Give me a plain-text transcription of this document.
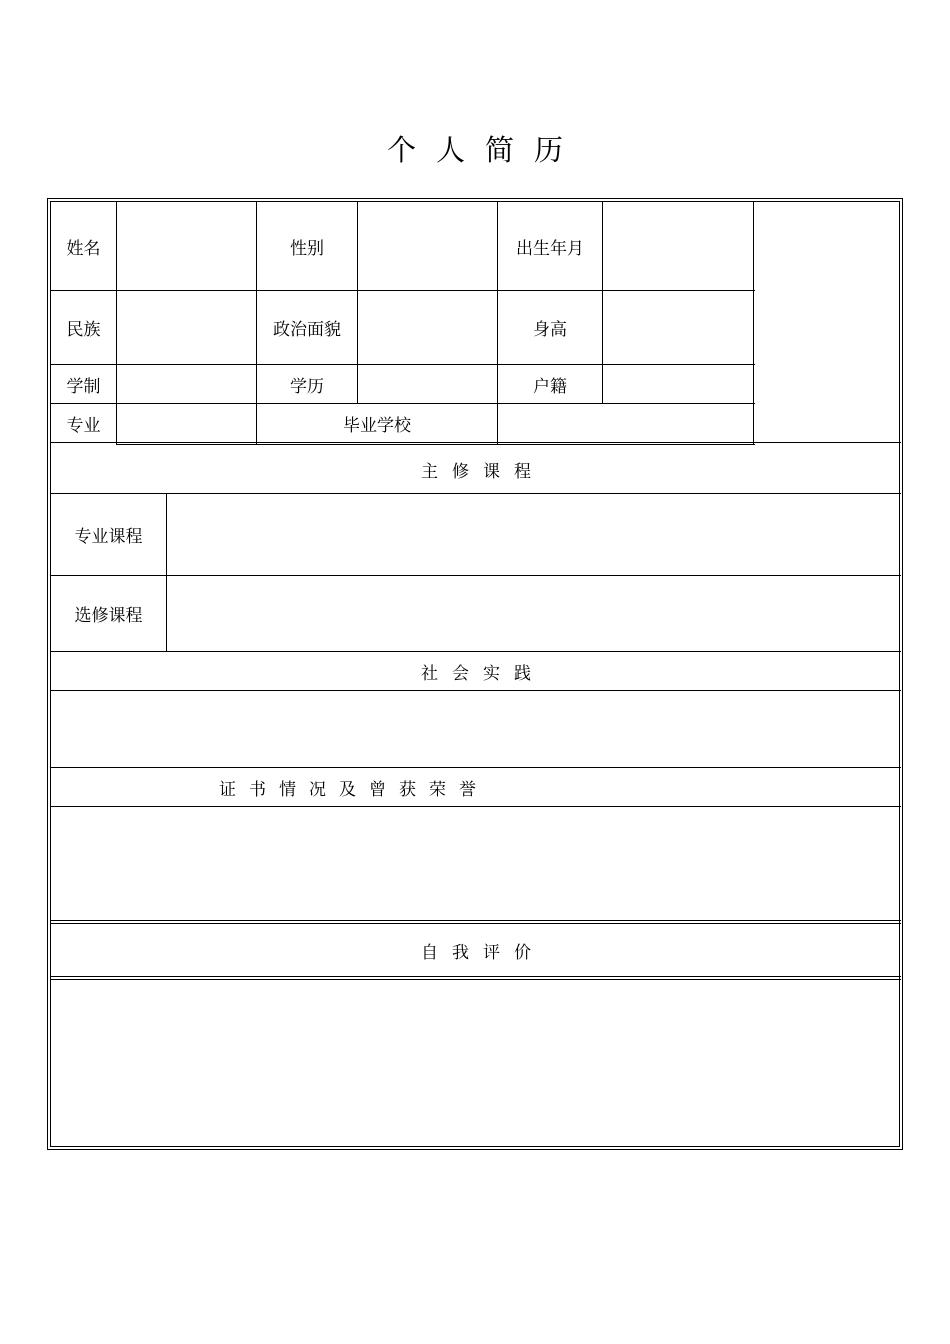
个人简历
姓名	性别	出生年月
民族	政治面貌	身高
学制	学历	户籍
专业	毕业学校
主修课程
专业课程
选修课程
社会实践
证书情况及曾获荣誉
自我评价
